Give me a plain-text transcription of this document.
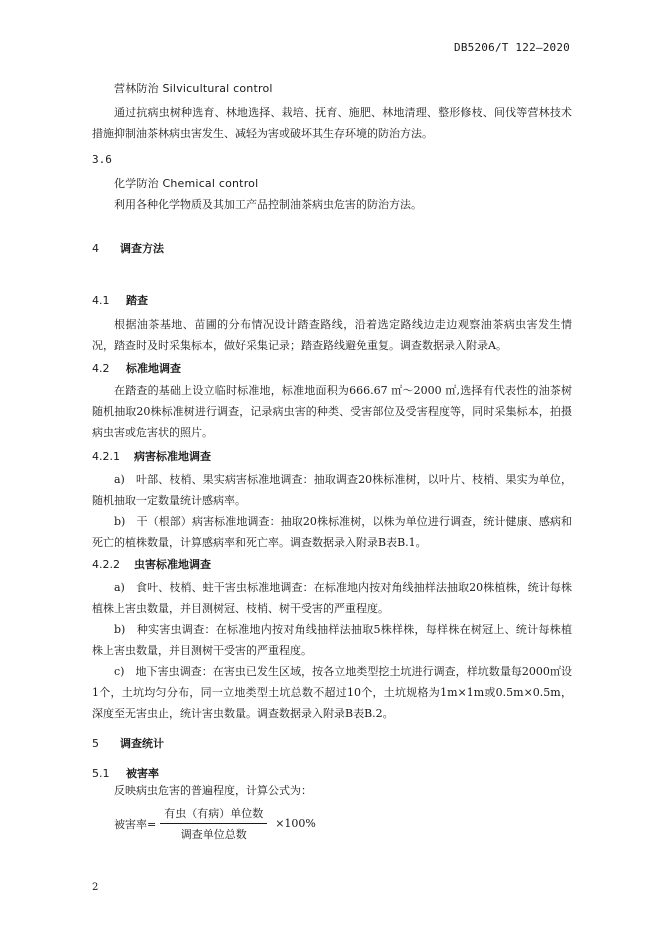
DB5206/T 122—2020
营林防治 Silvicultural control

通过抗病虫树种选育、林地选择、栽培、抚育、施肥、林地清理、整形修枝、间伐等营林技术措施抑制油茶林病虫害发生、减轻为害或破坏其生存环境的防治方法。

3.6
化学防治 Chemical control

利用各种化学物质及其加工产品控制油茶病虫危害的防治方法。

4 调查方法
4.1 踏查

根据油茶基地、苗圃的分布情况设计踏查路线，沿着选定路线边走边观察油茶病虫害发生情况，踏查时及时采集标本，做好采集记录；踏查路线避免重复。调查数据录入附录A。

4.2 标准地调查

在踏查的基础上设立临时标准地，标准地面积为666.67 ㎡～2000 ㎡,选择有代表性的油茶树随机抽取20株标准树进行调查，记录病虫害的种类、受害部位及受害程度等，同时采集标本，拍摄病虫害或危害状的照片。

4.2.1 病害标准地调查

a)　叶部、枝梢、果实病害标准地调查：抽取调查20株标准树，以叶片、枝梢、果实为单位，随机抽取一定数量统计感病率。

b)　干（根部）病害标准地调查：抽取20株标准树，以株为单位进行调查，统计健康、感病和死亡的植株数量，计算感病率和死亡率。调查数据录入附录B表B.1。

4.2.2 虫害标准地调查

a)　食叶、枝梢、蛀干害虫标准地调查：在标准地内按对角线抽样法抽取20株植株，统计每株植株上害虫数量，并目测树冠、枝梢、树干受害的严重程度。

b)　种实害虫调查：在标准地内按对角线抽样法抽取5株样株，每样株在树冠上、统计每株植株上害虫数量，并目测树干受害的严重程度。

c)　地下害虫调查：在害虫已发生区域，按各立地类型挖土坑进行调查，样坑数量每2000㎡设1个，土坑均匀分布，同一立地类型土坑总数不超过10个，土坑规格为1m×1m或0.5m×0.5m，深度至无害虫止，统计害虫数量。调查数据录入附录B表B.2。

5 调查统计
5.1 被害率

反映病虫危害的普遍程度，计算公式为：

被害率= $\frac{\text{有虫（有病）单位数}}{\text{调查单位总数}} \times 100\%$
2
